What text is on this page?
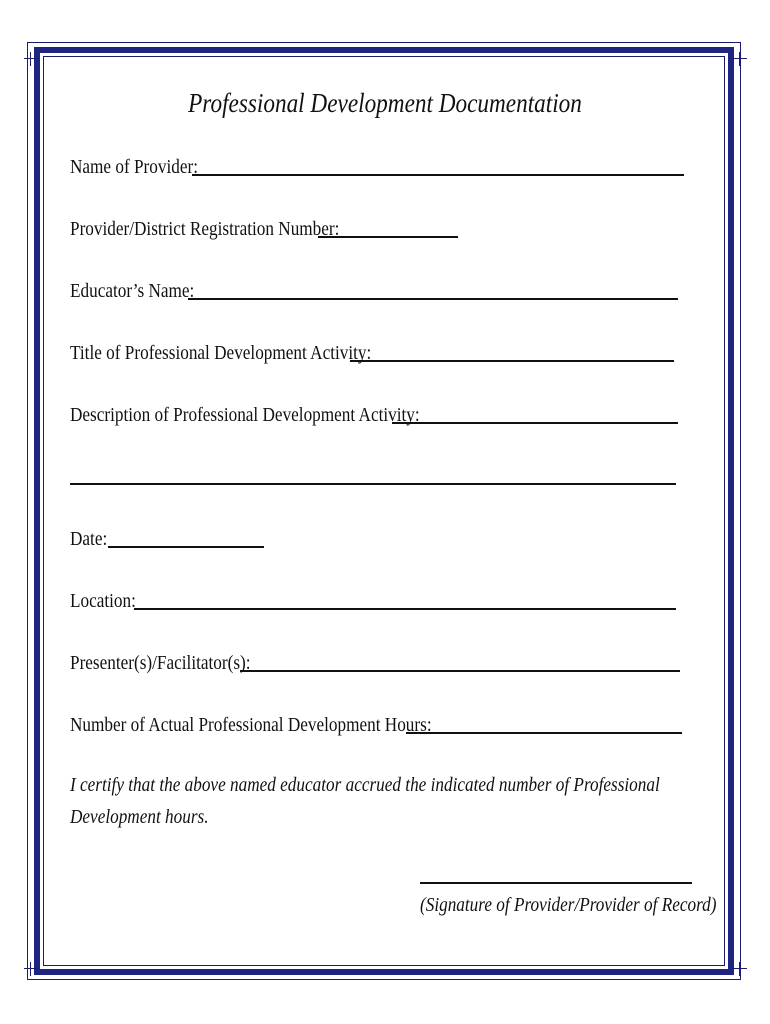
Professional Development Documentation
Name of Provider:
Provider/District Registration Number:
Educator’s Name:
Title of Professional Development Activity:
Description of Professional Development Activity:
Date:
Location:
Presenter(s)/Facilitator(s):
Number of Actual Professional Development Hours:
I certify that the above named educator accrued the indicated number of Professional Development hours.
(Signature of Provider/Provider of Record)
